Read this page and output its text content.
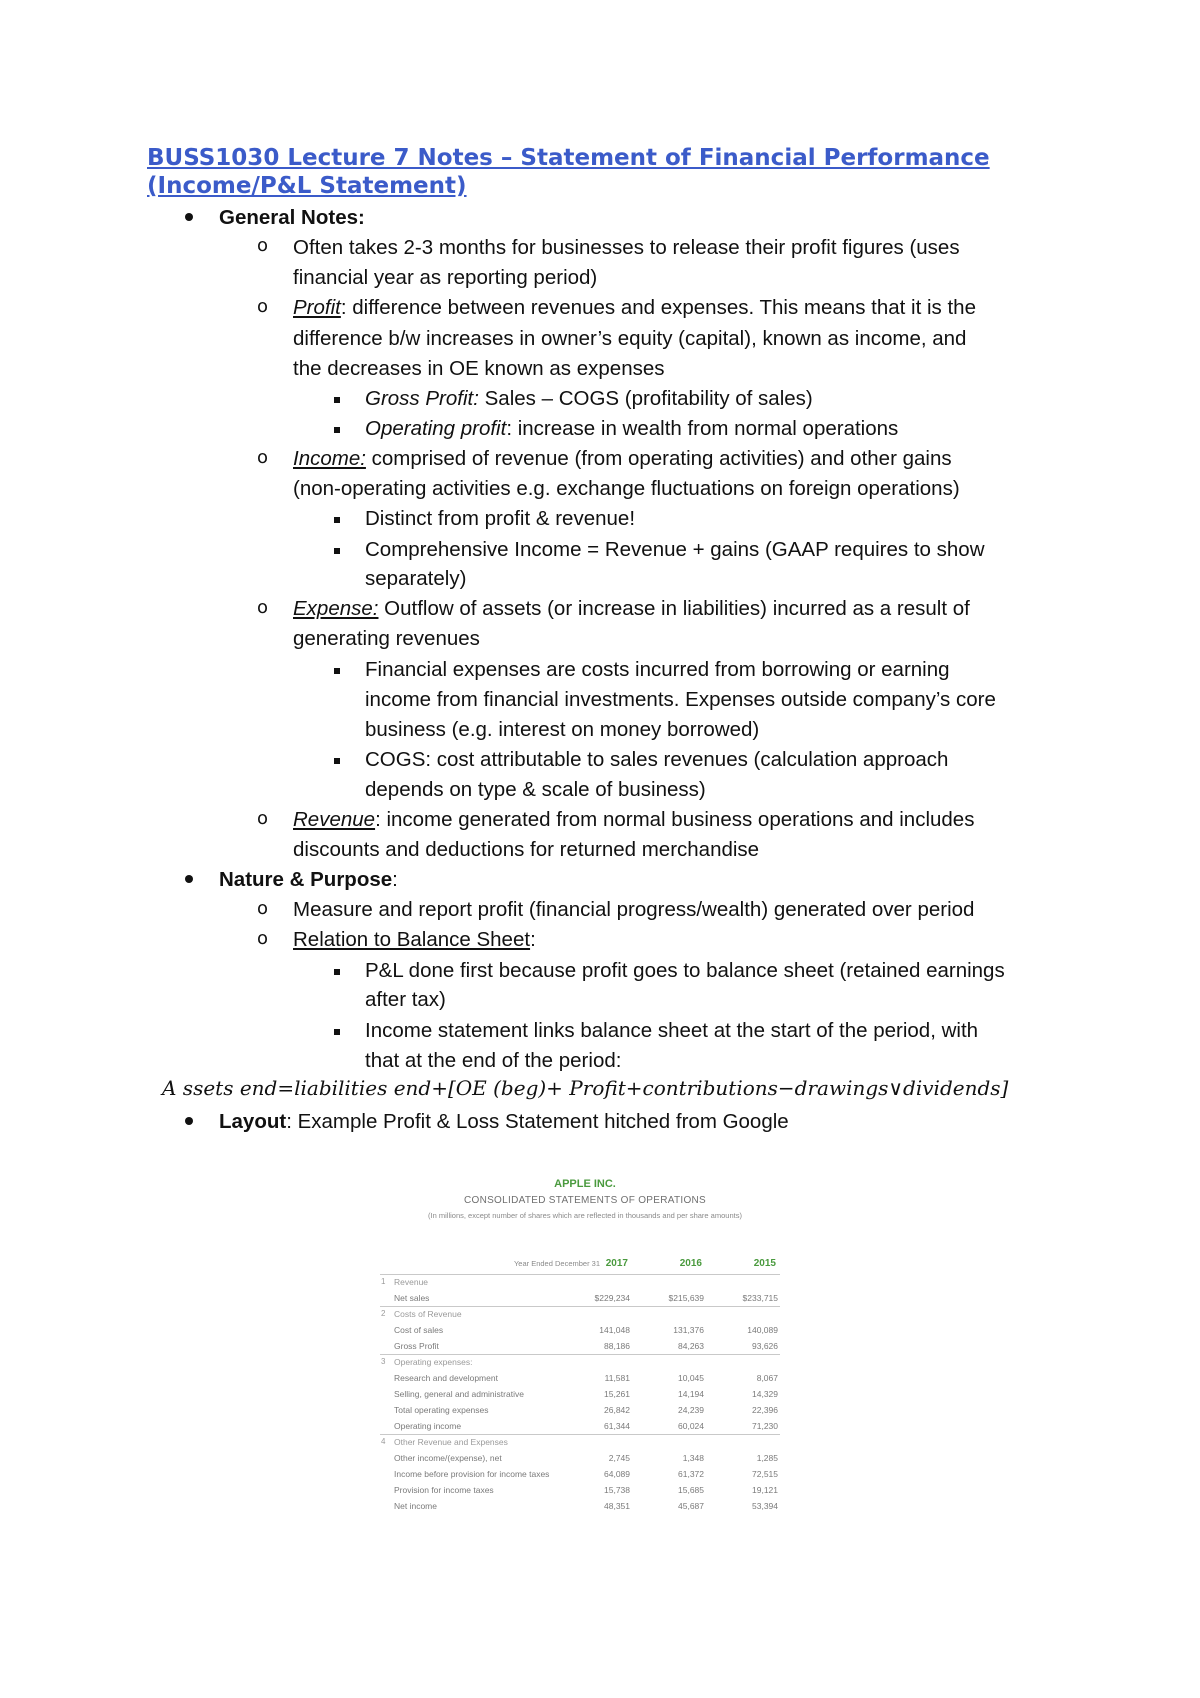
BUSS1030 Lecture 7 Notes – Statement of Financial Performance (Income/P&L Statement)
General Notes:
o Often takes 2-3 months for businesses to release their profit figures (uses
financial year as reporting period)
o Profit: difference between revenues and expenses. This means that it is the
difference b/w increases in owner’s equity (capital), known as income, and
the decreases in OE known as expenses
Gross Profit: Sales – COGS (profitability of sales)
Operating profit: increase in wealth from normal operations
o Income: comprised of revenue (from operating activities) and other gains
(non-operating activities e.g. exchange fluctuations on foreign operations)
Distinct from profit & revenue!
Comprehensive Income = Revenue + gains (GAAP requires to show
separately)
o Expense: Outflow of assets (or increase in liabilities) incurred as a result of
generating revenues
Financial expenses are costs incurred from borrowing or earning
income from financial investments. Expenses outside company’s core
business (e.g. interest on money borrowed)
COGS: cost attributable to sales revenues (calculation approach
depends on type & scale of business)
o Revenue: income generated from normal business operations and includes
discounts and deductions for returned merchandise
Nature & Purpose:
o Measure and report profit (financial progress/wealth) generated over period
o Relation to Balance Sheet:
P&L done first because profit goes to balance sheet (retained earnings
after tax)
Income statement links balance sheet at the start of the period, with
that at the end of the period:
A ssets end=liabilities end+[OE (beg)+ Profit+contributions−drawings∨dividends]
Layout: Example Profit & Loss Statement hitched from Google
APPLE INC.
CONSOLIDATED STATEMENTS OF OPERATIONS
(In millions, except number of shares which are reflected in thousands and per share amounts)
Year Ended December 31 2017	2016	2015
1 Revenue
Net sales	$229,234	$215,639	$233,715
2 Costs of Revenue
Cost of sales	141,048	131,376	140,089
Gross Profit	88,186	84,263	93,626
3 Operating expenses:
Research and development	11,581	10,045	8,067
Selling, general and administrative	15,261	14,194	14,329
Total operating expenses	26,842	24,239	22,396
Operating income	61,344	60,024	71,230
4 Other Revenue and Expenses
Other income/(expense), net	2,745	1,348	1,285
Income before provision for income taxes	64,089	61,372	72,515
Provision for income taxes	15,738	15,685	19,121
Net income	48,351	45,687	53,394
